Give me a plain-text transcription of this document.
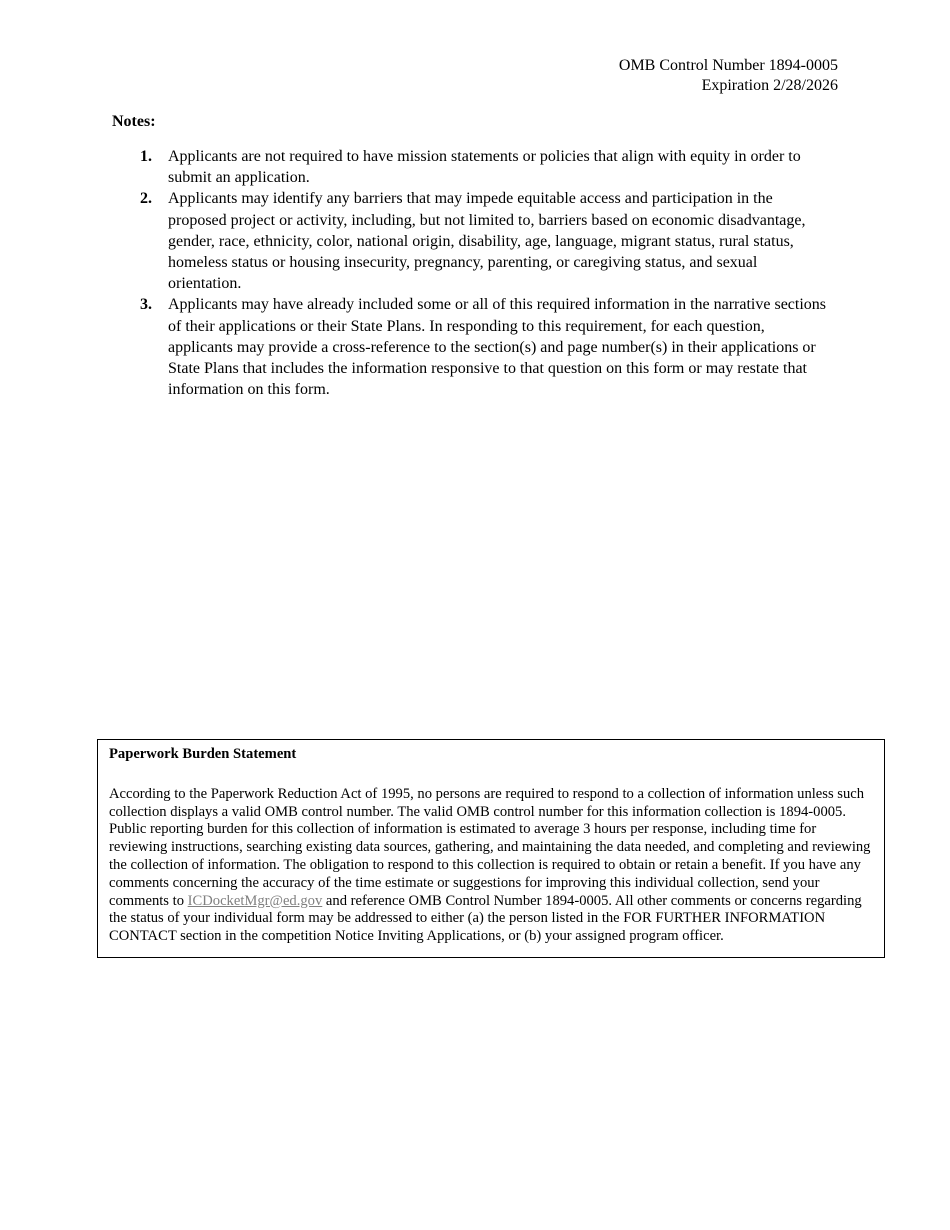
OMB Control Number 1894-0005
Expiration 2/28/2026
Notes:
1. Applicants are not required to have mission statements or policies that align with equity in order to submit an application.
2. Applicants may identify any barriers that may impede equitable access and participation in the proposed project or activity, including, but not limited to, barriers based on economic disadvantage, gender, race, ethnicity, color, national origin, disability, age, language, migrant status, rural status, homeless status or housing insecurity, pregnancy, parenting, or caregiving status, and sexual orientation.
3. Applicants may have already included some or all of this required information in the narrative sections of their applications or their State Plans. In responding to this requirement, for each question, applicants may provide a cross-reference to the section(s) and page number(s) in their applications or State Plans that includes the information responsive to that question on this form or may restate that information on this form.

Paperwork Burden Statement

According to the Paperwork Reduction Act of 1995, no persons are required to respond to a collection of information unless such collection displays a valid OMB control number. The valid OMB control number for this information collection is 1894-0005. Public reporting burden for this collection of information is estimated to average 3 hours per response, including time for reviewing instructions, searching existing data sources, gathering, and maintaining the data needed, and completing and reviewing the collection of information. The obligation to respond to this collection is required to obtain or retain a benefit. If you have any comments concerning the accuracy of the time estimate or suggestions for improving this individual collection, send your comments to ICDocketMgr@ed.gov and reference OMB Control Number 1894-0005. All other comments or concerns regarding the status of your individual form may be addressed to either (a) the person listed in the FOR FURTHER INFORMATION CONTACT section in the competition Notice Inviting Applications, or (b) your assigned program officer.
